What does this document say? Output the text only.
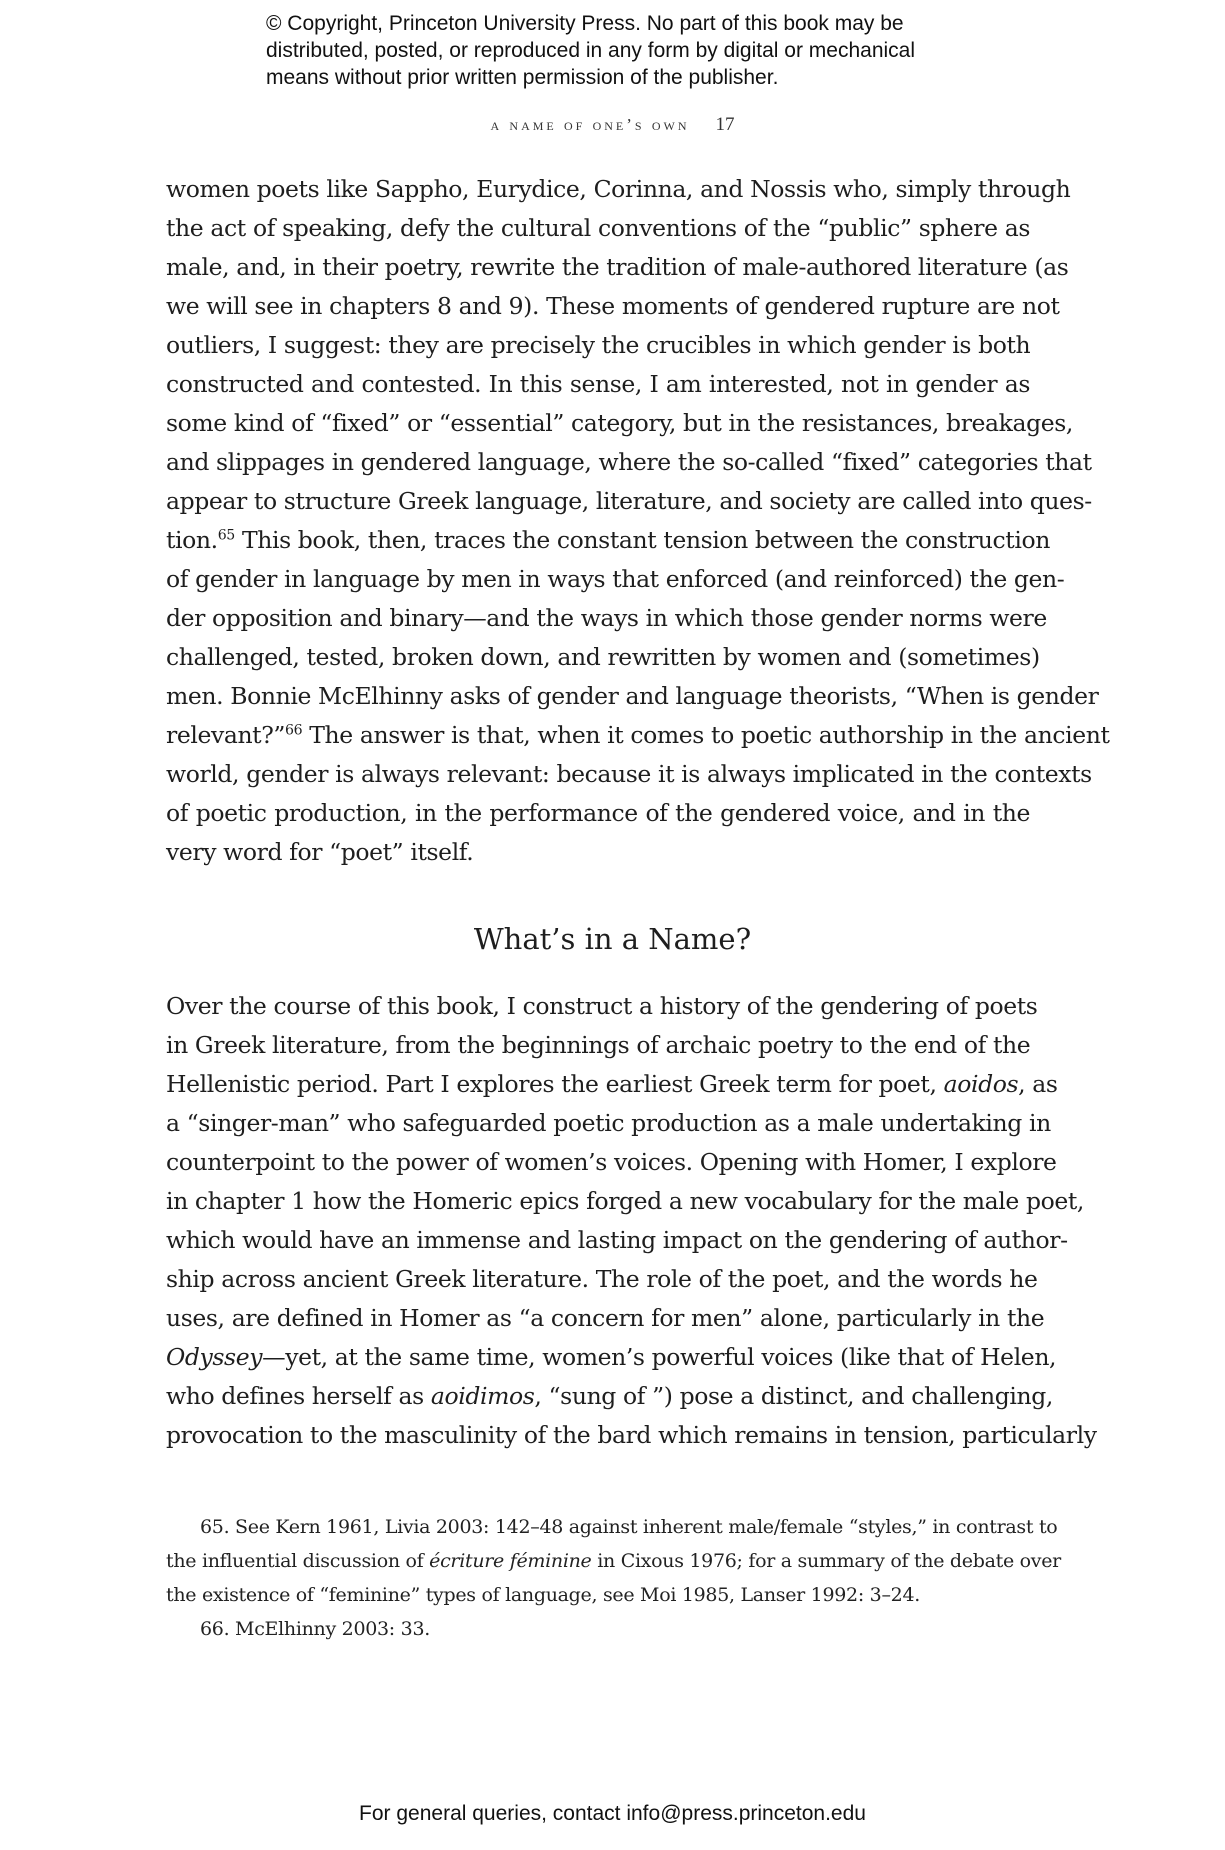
© Copyright, Princeton University Press. No part of this book may be
distributed, posted, or reproduced in any form by digital or mechanical
means without prior written permission of the publisher.
a name of one’s own 17
women poets like Sappho, Eurydice, Corinna, and Nossis who, simply through
the act of speaking, defy the cultural conventions of the “public” sphere as
male, and, in their poetry, rewrite the tradition of male-authored literature (as
we will see in chapters 8 and 9). These moments of gendered rupture are not
outliers, I suggest: they are precisely the crucibles in which gender is both
constructed and contested. In this sense, I am interested, not in gender as
some kind of “fixed” or “essential” category, but in the resistances, breakages,
and slippages in gendered language, where the so-called “fixed” categories that
appear to structure Greek language, literature, and society are called into ques-
tion.$^{65}$ This book, then, traces the constant tension between the construction
of gender in language by men in ways that enforced (and reinforced) the gen-
der opposition and binary—and the ways in which those gender norms were
challenged, tested, broken down, and rewritten by women and (sometimes)
men. Bonnie McElhinny asks of gender and language theorists, “When is gender
relevant?”$^{66}$ The answer is that, when it comes to poetic authorship in the ancient
world, gender is always relevant: because it is always implicated in the contexts
of poetic production, in the performance of the gendered voice, and in the
very word for “poet” itself.
What’s in a Name?
Over the course of this book, I construct a history of the gendering of poets
in Greek literature, from the beginnings of archaic poetry to the end of the
Hellenistic period. Part I explores the earliest Greek term for poet, aoidos, as
a “singer-man” who safeguarded poetic production as a male undertaking in
counterpoint to the power of women’s voices. Opening with Homer, I explore
in chapter 1 how the Homeric epics forged a new vocabulary for the male poet,
which would have an immense and lasting impact on the gendering of author-
ship across ancient Greek literature. The role of the poet, and the words he
uses, are defined in Homer as “a concern for men” alone, particularly in the
Odyssey—yet, at the same time, women’s powerful voices (like that of Helen,
who defines herself as aoidimos, “sung of ”) pose a distinct, and challenging,
provocation to the masculinity of the bard which remains in tension, particularly
65. See Kern 1961, Livia 2003: 142–48 against inherent male/female “styles,” in contrast to
the influential discussion of écriture féminine in Cixous 1976; for a summary of the debate over
the existence of “feminine” types of language, see Moi 1985, Lanser 1992: 3–24.
66. McElhinny 2003: 33.
For general queries, contact info@press.princeton.edu
